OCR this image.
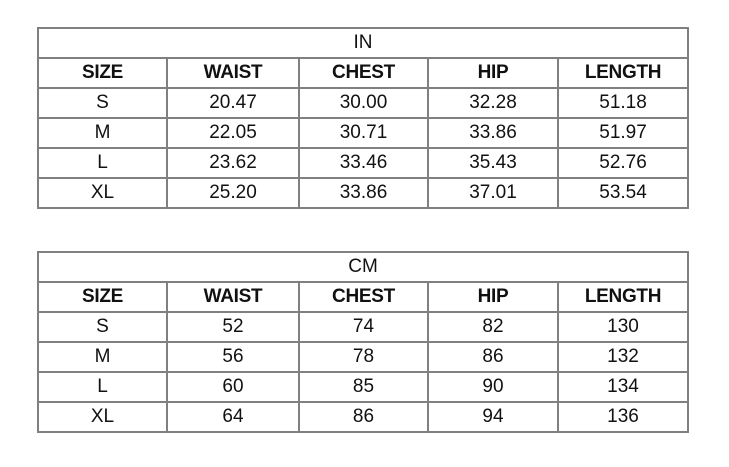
IN				
SIZE	WAIST	CHEST	HIP	LENGTH
S	20.47	30.00	32.28	51.18
M	22.05	30.71	33.86	51.97
L	23.62	33.46	35.43	52.76
XL	25.20	33.86	37.01	53.54
CM				
SIZE	WAIST	CHEST	HIP	LENGTH
S	52	74	82	130
M	56	78	86	132
L	60	85	90	134
XL	64	86	94	136
